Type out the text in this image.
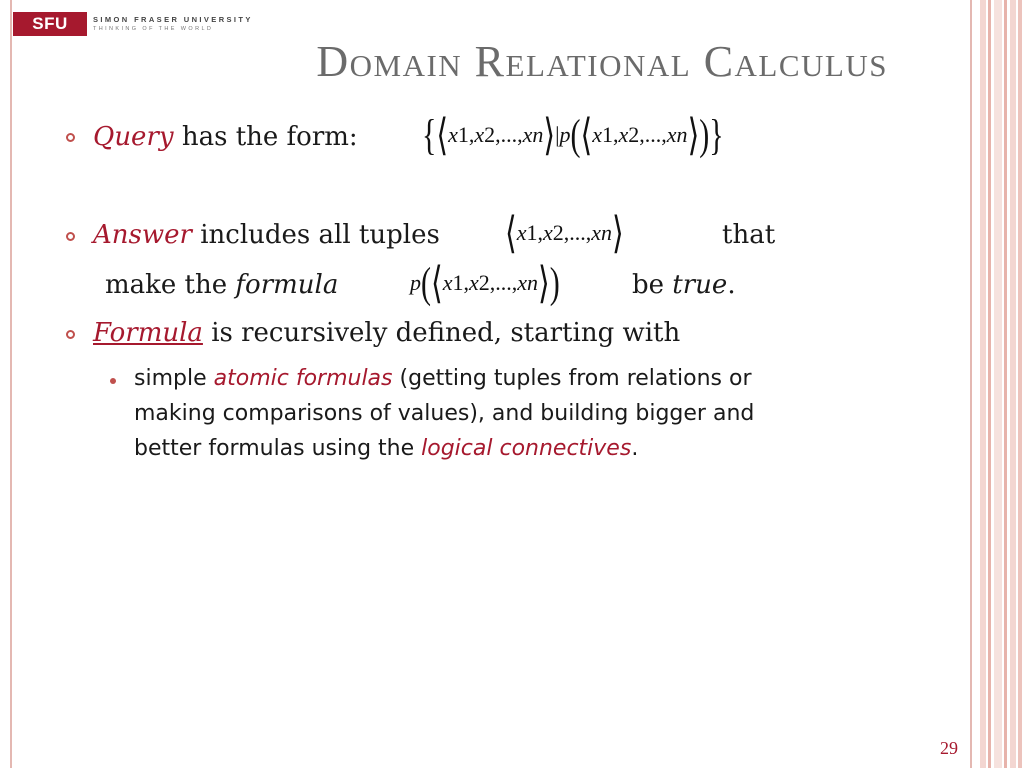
SFU	SIMON FRASER UNIVERSITY
THINKING OF THE WORLD
Domain Relational Calculus
Query has the form: {⟨x1,x2,...,xn⟩|p(⟨x1,x2,...,xn⟩)}
Answer includes all tuples ⟨x1,x2,...,xn⟩	that
make the formula	p(⟨x1,x2,...,xn⟩)	be true.
Formula is recursively defined, starting with
simple atomic formulas (getting tuples from relations or
making comparisons of values), and building bigger and
better formulas using the logical connectives.
29
